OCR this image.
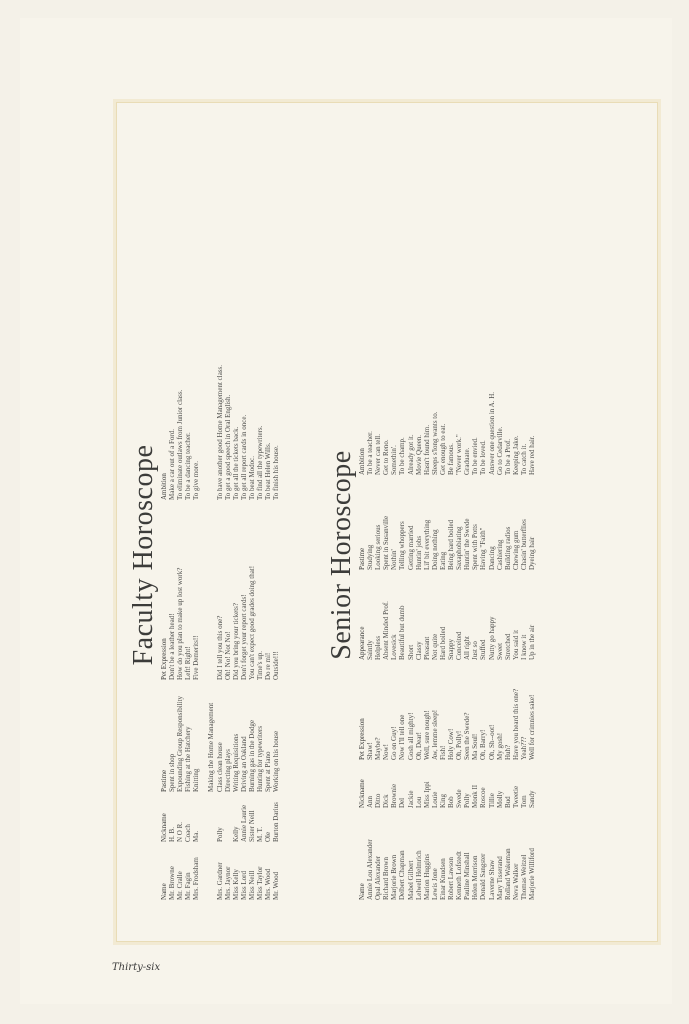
Faculty Horoscope
Name	Nickname	Pastime	Pet Expression	Ambition
Mr. Browne	H. B.	Spent in shop	Don't be a leather head!	Make a car out of a Ford.
Mr. Cralle	N O R.	Expounding Group Responsibility	How do you plan to make up lost work?	To eliminate outlaws from Junior class.
Mr. Fagin	Coach	Fishing at the Hatchery	Left! Right!	To be a dancing teacher.
Mrs. Frodsham	Ma.	Knitting	Five Demerits!!	To give more.

		Making the Home Management		
Mrs. Gardner	Polly	Class clean house	Did I tell you this one?	To have another good Home Management class.
Mrs. Jaynor		Directing plays	Oh! No! Not No!	To get a good speech in Oral English.
Miss Kelly	Kelly	Writing Requisitions	Did you bring your tickets?	To get all the tickets back.
Miss Lord	Annie Laurie	Driving an Oakland	Don't forget your report cards!	To get all report cards in once.
Miss Neill	Sister Neill	Burning gas in the Dodge	You can't expect good grades doing that!	To beat Modoc.
Miss Taylor	M. T.	Hunting for typewriters	Time's up.	To find all the typewriters.
Mrs. Wood	Ole	Spent at Piano	Do re mi!	To beat Helen Wills.
Mr. Wood	Burton Darius	Working on his house	Outside!!!	To finish his house. Senior Horoscope
Name	Nickname	Pet Expression	Appearance	Pastime	Ambition
Annie Lou Alexander	Ann	Shaw!	Saintly	Studying	To be a teacher.
Opal Alexander	Ditto	Maybe?	Helpless	Looking serious	Never can tell.
Richard Brown	Dick	Now!	Absent Minded Prof.	Spent in Susanville	Get to Reno.
Marjorie Brown	Brownie	Go on Guy!	Lovesick	Nothin'	Somethin'.
Delbert Chapman	Del	Now I'll tell one	Beautiful but dumb	Telling whoppers	To be champ.
Mabel Gilbert	Jackie	Gosh all mighty!	Short	Getting married	Already got it.
Lelwell Helmrich	Lou	Oh, Dear!	Classy	Huntin' jobs	Movie Queen.
Marion Huggins	Miss Ippi	Well, sure nough!	Pleasant	Lil' bit everything	Hasn't found him.
Lewis Jone	Louie	Aw, lemme sleep!	Not quite	Doing nothing	Sleeps s'long wants to.
Einar Knudsen	King	Fish!	Hard boiled	Eating	Get enough to eat.
Robert Lawson	Bob	Holy Cow!	Snappy	Being hard boiled	Be famous.
Kenneth Lofstedt	Swede	Oh, Polly!	Conceited	Saxaphobiating	"Never work."
Pauline Minshall	Polly	Seen the Swede?	All right	Huntin' the Swede	Graduate.
Helen Morrison	Monk II	Ma Soul!	Just so	Spent with Potts	To be envied.
Donald Sangster	Roscoe	Oh, Barry!	Stuffed	Having "Faith"	To be loved.
Laverne Shaw	Tillie	Oh, Sh--oot!	Nutty go happy	Dancing	Answer one question in A. H.
Mary Tisserand	Molly	My gosh!	Sweet	Cashiering	Go to Cedarville.
Rolland Wakeman	Bud	Huh?	Stretched	Building radios	To be a Prof.
Neva Walker	Tweetie	Have you heard this one?	You said it	Chewing gum	Keeping Jake.
Thomas Weitzel	Tom	Yeah???	I know it	Chasin' butterflies	To catch it.
Marjorie Williford	Sandy	Well for crimnies sake!	Up in the air	Dyeing hair	Have red hair.
Thirty-six
